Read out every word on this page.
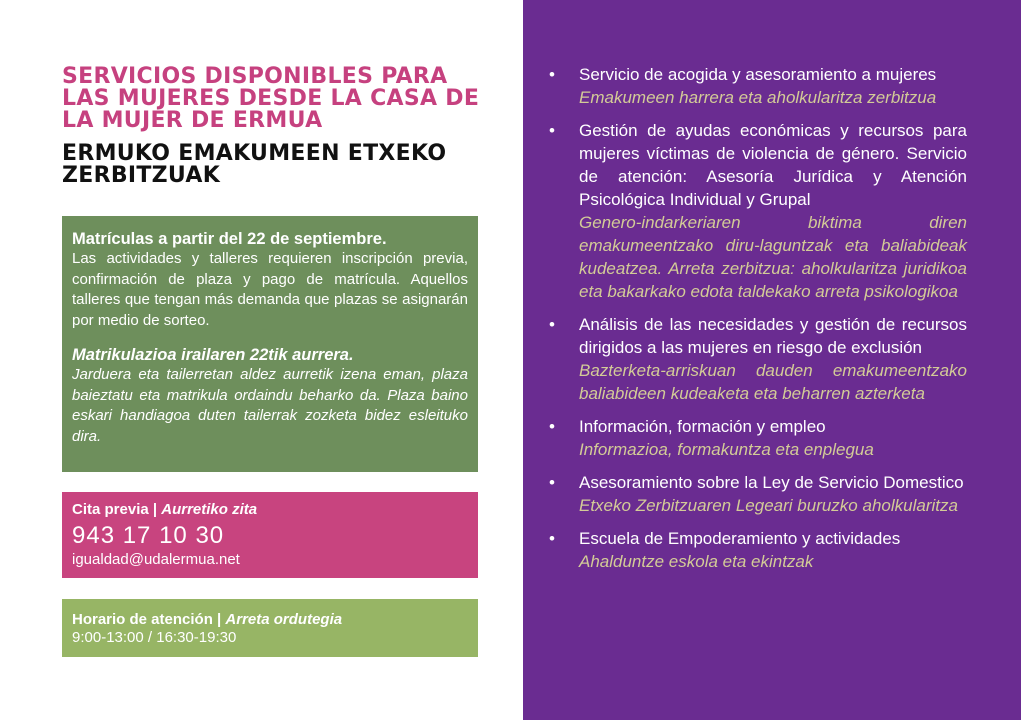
SERVICIOS DISPONIBLES PARA LAS MUJERES DESDE LA CASA DE LA MUJER DE ERMUA
ERMUKO EMAKUMEEN ETXEKO ZERBITZUAK

Matrículas a partir del 22 de septiembre.

Las actividades y talleres requieren inscripción previa, confirmación de plaza y pago de matrícula. Aquellos talleres que tengan más demanda que plazas se asignarán por medio de sorteo.

Matrikulazioa irailaren 22tik aurrera.

Jarduera eta tailerretan aldez aurretik izena eman, plaza baieztatu eta matrikula ordaindu beharko da. Plaza baino eskari handiagoa duten tailerrak zozketa bidez esleituko dira.

Cita previa | Aurretiko zita

943 17 10 30

igualdad@udalermua.net

Horario de atención | Arreta ordutegia

9:00-13:00 / 16:30-19:30

• Servicio de acogida y asesoramiento a mujeres

Emakumeen harrera eta aholkularitza zerbitzua

• Gestión de ayudas económicas y recursos para mujeres víctimas de violencia de género. Servicio de atención: Asesoría Jurídica y Atención Psicológica Individual y Grupal

Genero-indarkeriaren biktima diren emakumeentzako diru-laguntzak eta baliabideak kudeatzea. Arreta zerbitzua: aholkularitza juridikoa eta bakarkako edota taldekako arreta psikologikoa

• Análisis de las necesidades y gestión de recursos dirigidos a las mujeres en riesgo de exclusión

Bazterketa-arriskuan dauden emakumeentzako baliabideen kudeaketa eta beharren azterketa

• Información, formación y empleo

Informazioa, formakuntza eta enplegua

• Asesoramiento sobre la Ley de Servicio Domestico

Etxeko Zerbitzuaren Legeari buruzko aholkularitza

• Escuela de Empoderamiento y actividades

Ahalduntze eskola eta ekintzak
